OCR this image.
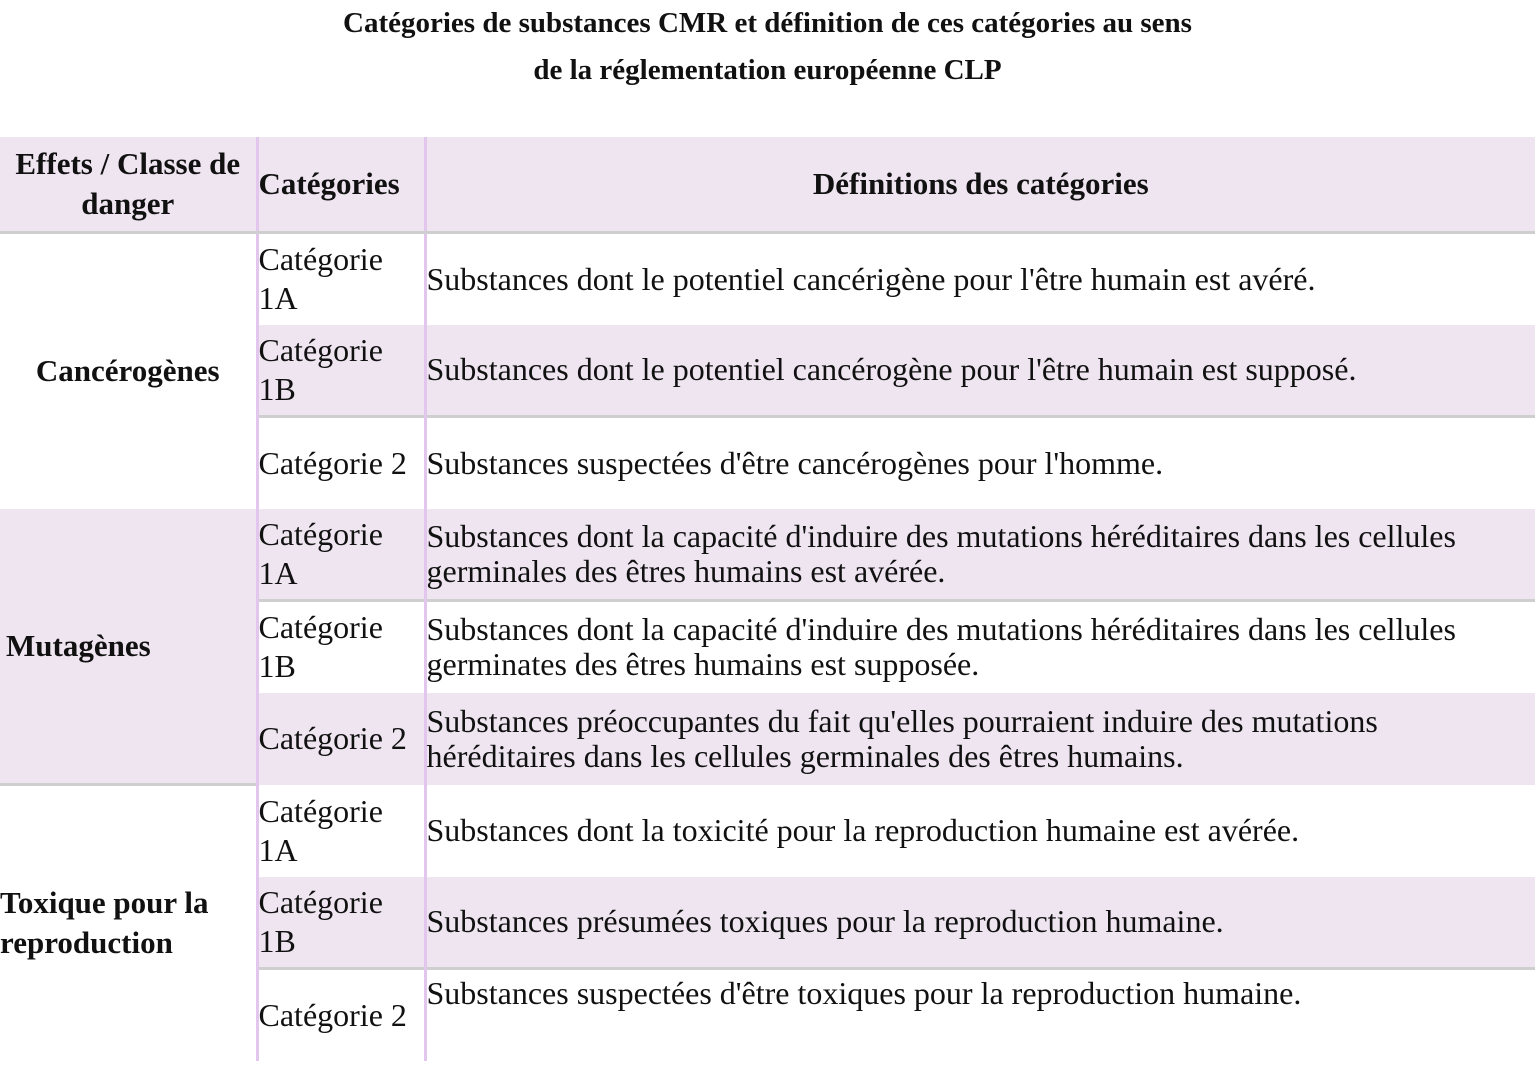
Catégories de substances CMR et définition de ces catégories au sens
de la réglementation européenne CLP
Effets / Classe de danger	Catégories	Définitions des catégories
Cancérogènes	Catégorie 1A	Substances dont le potentiel cancérigène pour l'être humain est avéré.
	Catégorie 1B	Substances dont le potentiel cancérogène pour l'être humain est supposé.
	Catégorie 2	Substances suspectées d'être cancérogènes pour l'homme.
Mutagènes	Catégorie 1A	Substances dont la capacité d'induire des mutations héréditaires dans les cellules germinales des êtres humains est avérée.
	Catégorie 1B	Substances dont la capacité d'induire des mutations héréditaires dans les cellules germinates des êtres humains est supposée.
	Catégorie 2	Substances préoccupantes du fait qu'elles pourraient induire des mutations héréditaires dans les cellules germinales des êtres humains.
Toxique pour la reproduction	Catégorie 1A	Substances dont la toxicité pour la reproduction humaine est avérée.
	Catégorie 1B	Substances présumées toxiques pour la reproduction humaine.
	Catégorie 2	Substances suspectées d'être toxiques pour la reproduction humaine.
